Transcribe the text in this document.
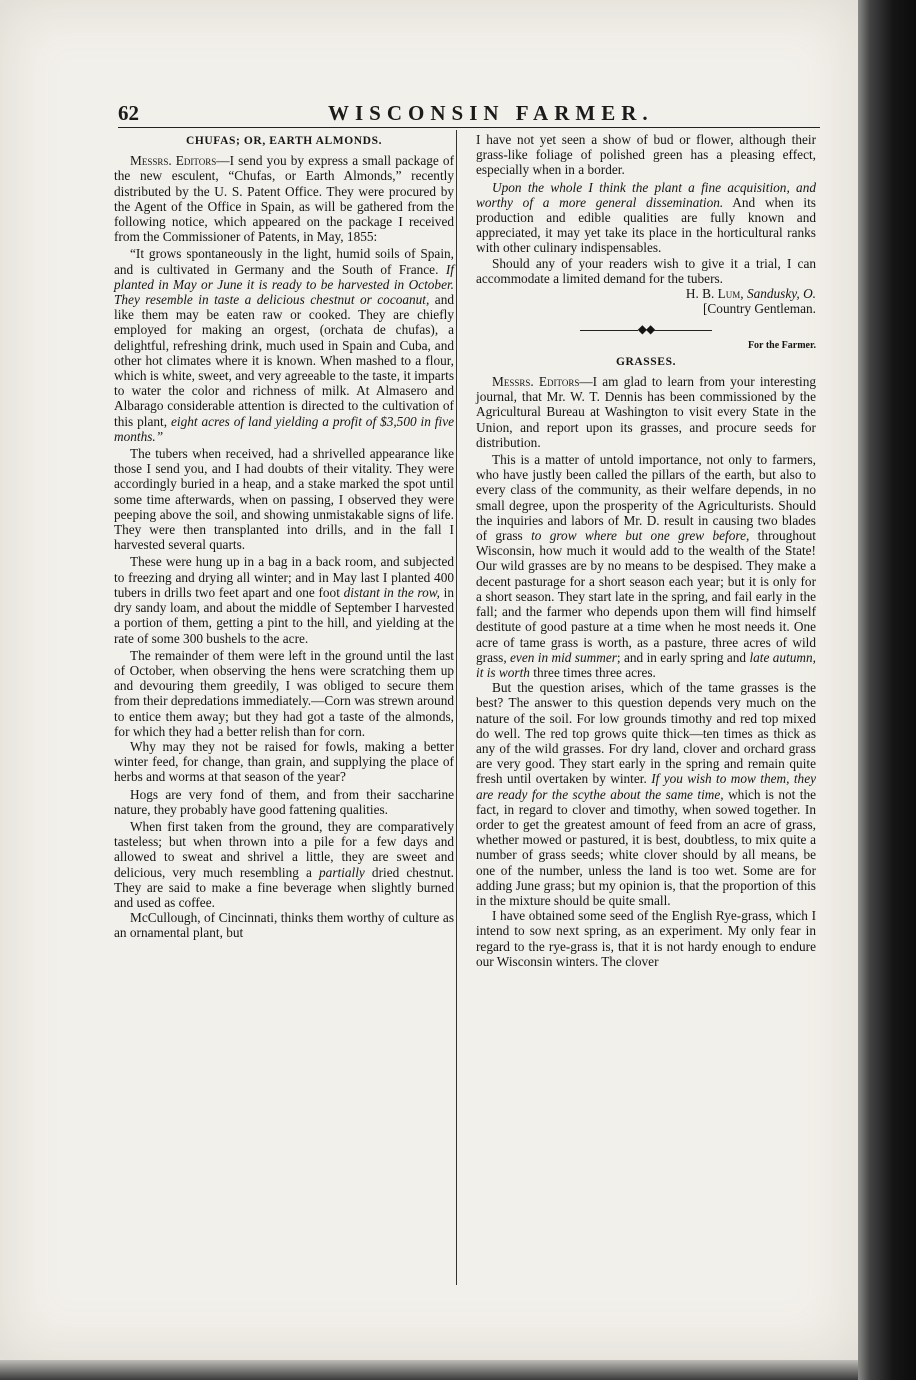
62	WISCONSIN FARMER.
CHUFAS; OR, EARTH ALMONDS.

Messrs. Editors—I send you by express a small package of the new esculent, “Chufas, or Earth Almonds,” recently distributed by the U. S. Patent Office. They were procured by the Agent of the Office in Spain, as will be gathered from the following notice, which appeared on the package I received from the Commissioner of Patents, in May, 1855:

“It grows spontaneously in the light, humid soils of Spain, and is cultivated in Germany and the South of France. If planted in May or June it is ready to be harvested in October. They resemble in taste a delicious chestnut or cocoanut, and like them may be eaten raw or cooked. They are chiefly employed for making an orgest, (orchata de chufas), a delightful, refreshing drink, much used in Spain and Cuba, and other hot climates where it is known. When mashed to a flour, which is white, sweet, and very agreeable to the taste, it imparts to water the color and richness of milk. At Almasero and Albarago considerable attention is directed to the cultivation of this plant, eight acres of land yielding a profit of $3,500 in five months.”

The tubers when received, had a shrivelled appearance like those I send you, and I had doubts of their vitality. They were accordingly buried in a heap, and a stake marked the spot until some time afterwards, when on passing, I observed they were peeping above the soil, and showing unmistakable signs of life. They were then transplanted into drills, and in the fall I harvested several quarts.

These were hung up in a bag in a back room, and subjected to freezing and drying all winter; and in May last I planted 400 tubers in drills two feet apart and one foot distant in the row, in dry sandy loam, and about the middle of September I harvested a portion of them, getting a pint to the hill, and yielding at the rate of some 300 bushels to the acre.

The remainder of them were left in the ground until the last of October, when observing the hens were scratching them up and devouring them greedily, I was obliged to secure them from their depredations immediately.—Corn was strewn around to entice them away; but they had got a taste of the almonds, for which they had a better relish than for corn.

Why may they not be raised for fowls, making a better winter feed, for change, than grain, and supplying the place of herbs and worms at that season of the year?

Hogs are very fond of them, and from their saccharine nature, they probably have good fattening qualities.

When first taken from the ground, they are comparatively tasteless; but when thrown into a pile for a few days and allowed to sweat and shrivel a little, they are sweet and delicious, very much resembling a partially dried chestnut. They are said to make a fine beverage when slightly burned and used as coffee.

McCullough, of Cincinnati, thinks them worthy of culture as an ornamental plant, but

I have not yet seen a show of bud or flower, although their grass-like foliage of polished green has a pleasing effect, especially when in a border.

Upon the whole I think the plant a fine acquisition, and worthy of a more general dissemination. And when its production and edible qualities are fully known and appreciated, it may yet take its place in the horticultural ranks with other culinary indispensables.

Should any of your readers wish to give it a trial, I can accommodate a limited demand for the tubers.

H. B. Lum, Sandusky, O.

[Country Gentleman.

◆◆

For the Farmer.

GRASSES.

Messrs. Editors—I am glad to learn from your interesting journal, that Mr. W. T. Dennis has been commissioned by the Agricultural Bureau at Washington to visit every State in the Union, and report upon its grasses, and procure seeds for distribution.

This is a matter of untold importance, not only to farmers, who have justly been called the pillars of the earth, but also to every class of the community, as their welfare depends, in no small degree, upon the prosperity of the Agriculturists. Should the inquiries and labors of Mr. D. result in causing two blades of grass to grow where but one grew before, throughout Wisconsin, how much it would add to the wealth of the State! Our wild grasses are by no means to be despised. They make a decent pasturage for a short season each year; but it is only for a short season. They start late in the spring, and fail early in the fall; and the farmer who depends upon them will find himself destitute of good pasture at a time when he most needs it. One acre of tame grass is worth, as a pasture, three acres of wild grass, even in mid summer; and in early spring and late autumn, it is worth three times three acres.

But the question arises, which of the tame grasses is the best? The answer to this question depends very much on the nature of the soil. For low grounds timothy and red top mixed do well. The red top grows quite thick—ten times as thick as any of the wild grasses. For dry land, clover and orchard grass are very good. They start early in the spring and remain quite fresh until overtaken by winter. If you wish to mow them, they are ready for the scythe about the same time, which is not the fact, in regard to clover and timothy, when sowed together. In order to get the greatest amount of feed from an acre of grass, whether mowed or pastured, it is best, doubtless, to mix quite a number of grass seeds; white clover should by all means, be one of the number, unless the land is too wet. Some are for adding June grass; but my opinion is, that the proportion of this in the mixture should be quite small.

I have obtained some seed of the English Rye-grass, which I intend to sow next spring, as an experiment. My only fear in regard to the rye-grass is, that it is not hardy enough to endure our Wisconsin winters. The clover
